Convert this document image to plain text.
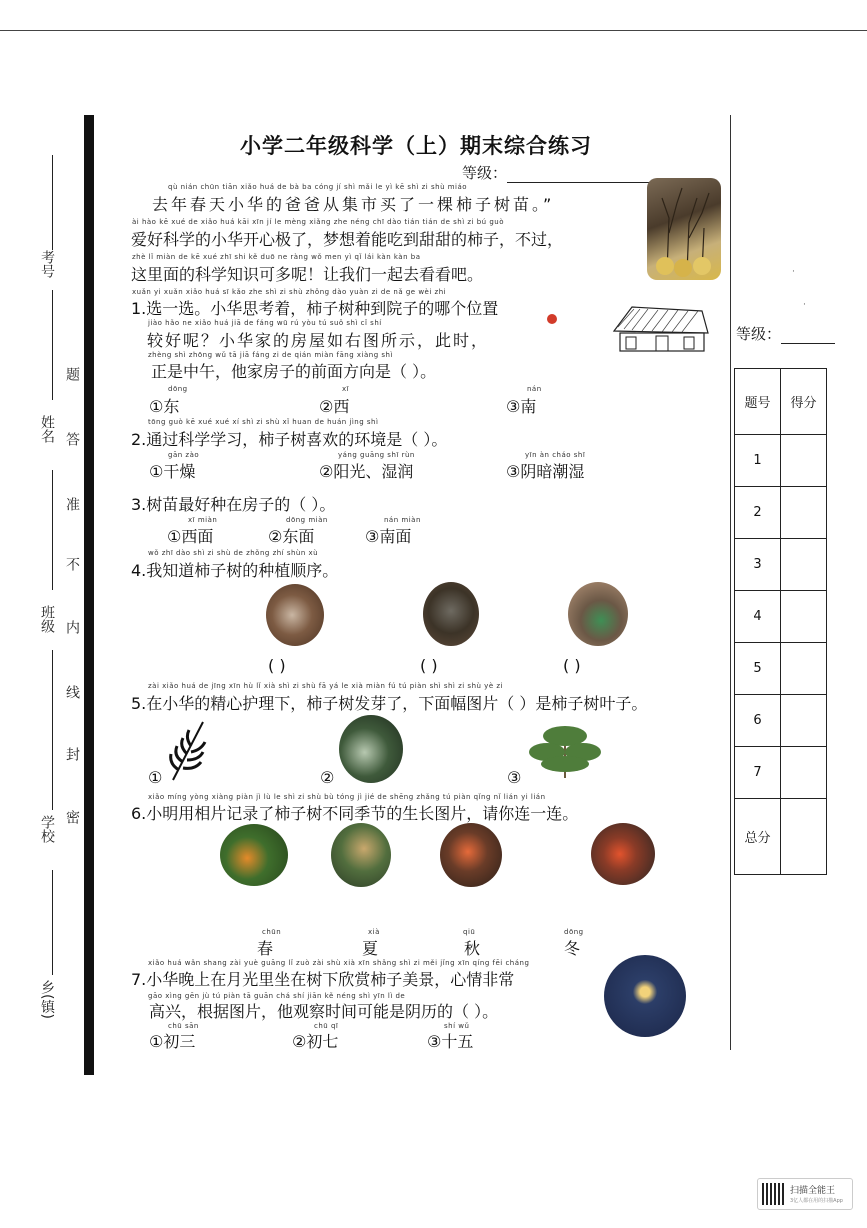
考号
姓名
班级
学校
乡(镇)
题
答
准
不
内
线
封
密
小学二年级科学（上）期末综合练习
等级：
qù nián chūn tiān xiǎo huá de bà ba cóng jí shì mǎi le yì kē shì zi shù miáo
去年春天小华的爸爸从集市买了一棵柿子树苗。”
ài hào kē xué de xiǎo huá kāi xīn jí le mèng xiǎng zhe néng chī dào tián tián de shì zi bú guò
爱好科学的小华开心极了，梦想着能吃到甜甜的柿子，不过，
zhè lǐ miàn de kē xué zhī shi kě duō ne ràng wǒ men yì qǐ lái kàn kàn ba
这里面的科学知识可多呢！让我们一起去看看吧。
xuǎn yi xuǎn xiǎo huá sī kǎo zhe shì zi shù zhǒng dào yuàn zi de nǎ ge wèi zhi
1.选一选。小华思考着，柿子树种到院子的哪个位置
jiào hǎo ne xiǎo huá jiā de fáng wū rú yòu tú suǒ shì cǐ shí
较好呢？小华家的房屋如右图所示，此时，
zhèng shì zhōng wǔ tā jiā fáng zi de qián miàn fāng xiàng shì
正是中午，他家房子的前面方向是（ ）。
dōng
①东
xī
②西
nán
③南
tōng guò kē xué xué xí shì zi shù xǐ huan de huán jìng shì
2.通过科学学习，柿子树喜欢的环境是（ ）。
gān zào
①干燥
yáng guāng shī rùn
②阳光、湿润
yīn àn cháo shī
③阴暗潮湿
3.树苗最好种在房子的（ ）。
xī miàn
①西面
dōng miàn
②东面
nán miàn
③南面
wǒ zhī dào shì zi shù de zhǒng zhí shùn xù
4.我知道柿子树的种植顺序。
( )	( )	( )
zài xiǎo huá de jīng xīn hù lǐ xià shì zi shù fā yá le xià miàn fú tú piàn shì shì zi shù yè zi
5.在小华的精心护理下，柿子树发芽了，下面幅图片（ ）是柿子树叶子。
①	②	③
xiǎo míng yòng xiàng piàn jì lù le shì zi shù bù tóng jì jié de shēng zhǎng tú piàn qǐng nǐ lián yi lián
6.小明用相片记录了柿子树不同季节的生长图片，请你连一连。
chūn
春
xià
夏
qiū
秋
dōng
冬
xiǎo huá wǎn shang zài yuè guāng lǐ zuò zài shù xià xīn shǎng shì zi měi jǐng xīn qíng fēi cháng
7.小华晚上在月光里坐在树下欣赏柿子美景，心情非常
gāo xìng gēn jù tú piàn tā guān chá shí jiān kě néng shì yīn lì de
高兴，根据图片，他观察时间可能是阴历的（ ）。
chū sān
①初三
chū qī
②初七
shí wǔ
③十五
·
·
等级：
题号	得分
1	
2	
3	
4	
5	
6	
7	
总分	
扫描全能王
3亿人都在用的扫描App
